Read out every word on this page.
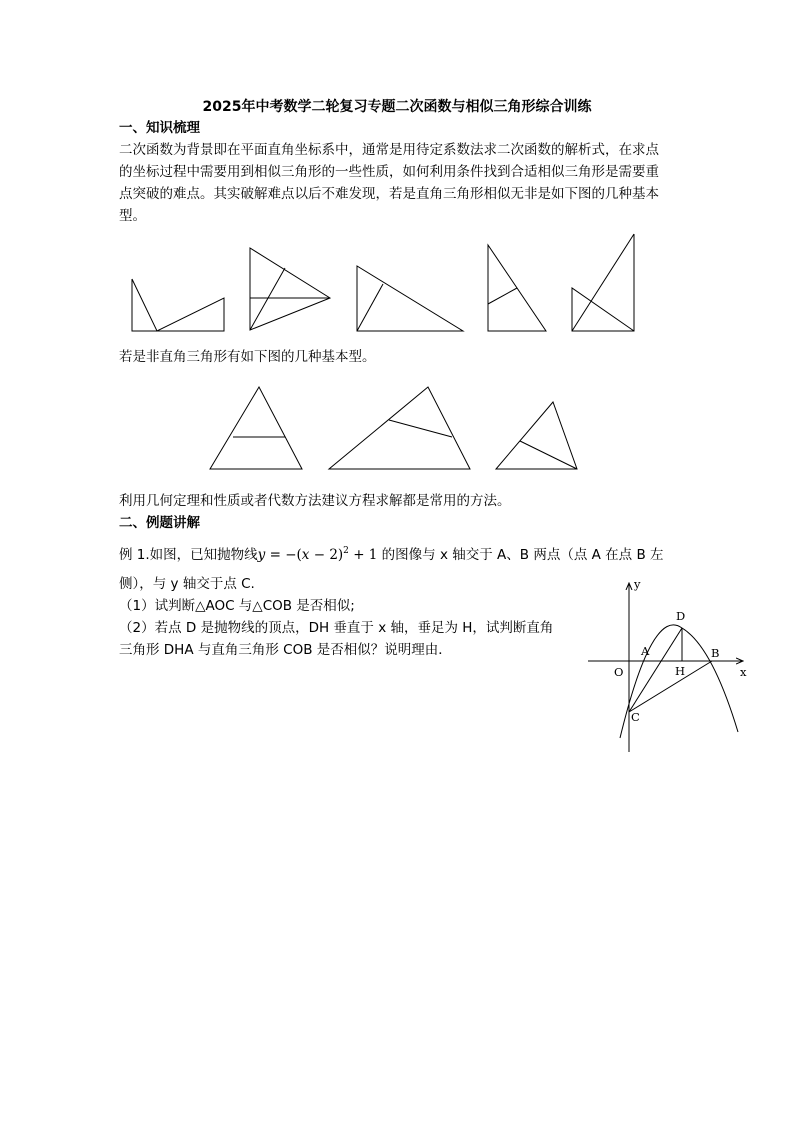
2025年中考数学二轮复习专题二次函数与相似三角形综合训练
一、知识梳理
二次函数为背景即在平面直角坐标系中，通常是用待定系数法求二次函数的解析式，在求点
的坐标过程中需要用到相似三角形的一些性质，如何利用条件找到合适相似三角形是需要重
点突破的难点。其实破解难点以后不难发现，若是直角三角形相似无非是如下图的几种基本
型。
若是非直角三角形有如下图的几种基本型。
利用几何定理和性质或者代数方法建议方程求解都是常用的方法。
二、例题讲解
例 1.如图，已知抛物线$y = -(x - 2)^2 + 1$ 的图像与 x 轴交于 A、B 两点（点 A 在点 B 左
侧），与 y 轴交于点 C.
（1）试判断△AOC 与△COB 是否相似;
（2）若点 D 是抛物线的顶点，DH 垂直于 x 轴，垂足为 H，试判断直角
三角形 DHA 与直角三角形 COB 是否相似？说明理由．
y
x
O
A	B
C
D
H
